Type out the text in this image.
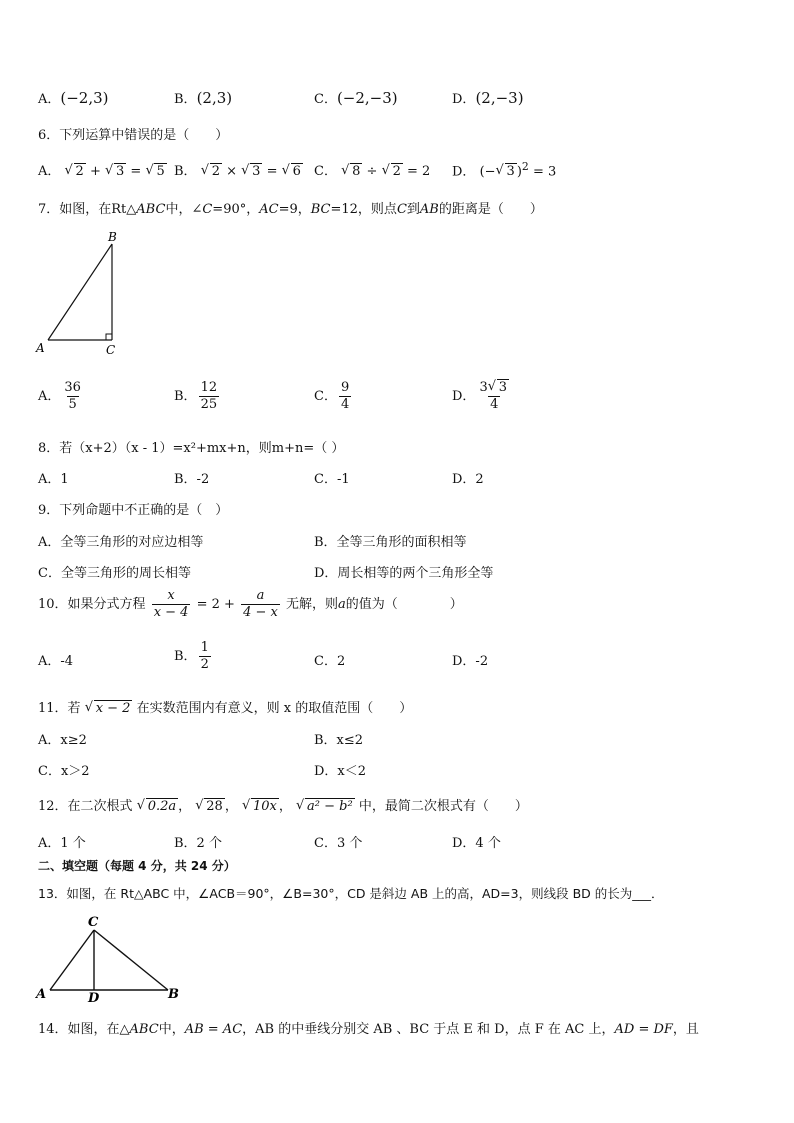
A．(−2,3)	B．(2,3)	C．(−2,−3)	D．(2,−3)
6．下列运算中错误的是（　　）
A． √ 2 + √ 3 = √ 5 B． √ 2 × √ 3 = √ 6 C． √ 8 ÷ √ 2 = 2 D． (− √ 3 )$^2$ = 3
7．如图，在Rt△ABC中，∠C=90°，AC=9，BC=12，则点C到AB的距离是（　　）
B
A	C
A． $\frac{36}{5}$	B． $\frac{12}{25}$	C． $\frac{9}{4}$	D． $\frac{3 √ 3}{4}$
8．若（x+2）（x - 1）=x²+mx+n，则m+n=（ ）
A．1	B．-2	C．-1	D．2
9．下列命题中不正确的是（　）
A．全等三角形的对应边相等	B．全等三角形的面积相等
C．全等三角形的周长相等	D．周长相等的两个三角形全等
10．如果分式方程 $\frac{x}{x - 4} = 2 + \frac{a}{4 - x}$ 无解，则a的值为（　　　　）
A．-4	B． $\frac{1}{2}$	C．2	D．-2
11．若 √ x − 2 在实数范围内有意义，则 x 的取值范围（　　）
A．x≥2	B．x≤2
C．x＞2	D．x＜2
12．在二次根式 √ 0.2a ， √ 28 ， √ 10x ， √ a² − b² 中，最简二次根式有（　　）
A．1 个	B．2 个	C．3 个	D．4 个
二、填空题（每题 4 分，共 24 分）
13．如图，在 Rt△ABC 中，∠ACB＝90°，∠B=30°，CD 是斜边 AB 上的高，AD=3，则线段 BD 的长为___．
C
A	D	B
14．如图，在△ABC中，AB = AC，AB 的中垂线分别交 AB 、BC 于点 E 和 D，点 F 在 AC 上，AD = DF，且
